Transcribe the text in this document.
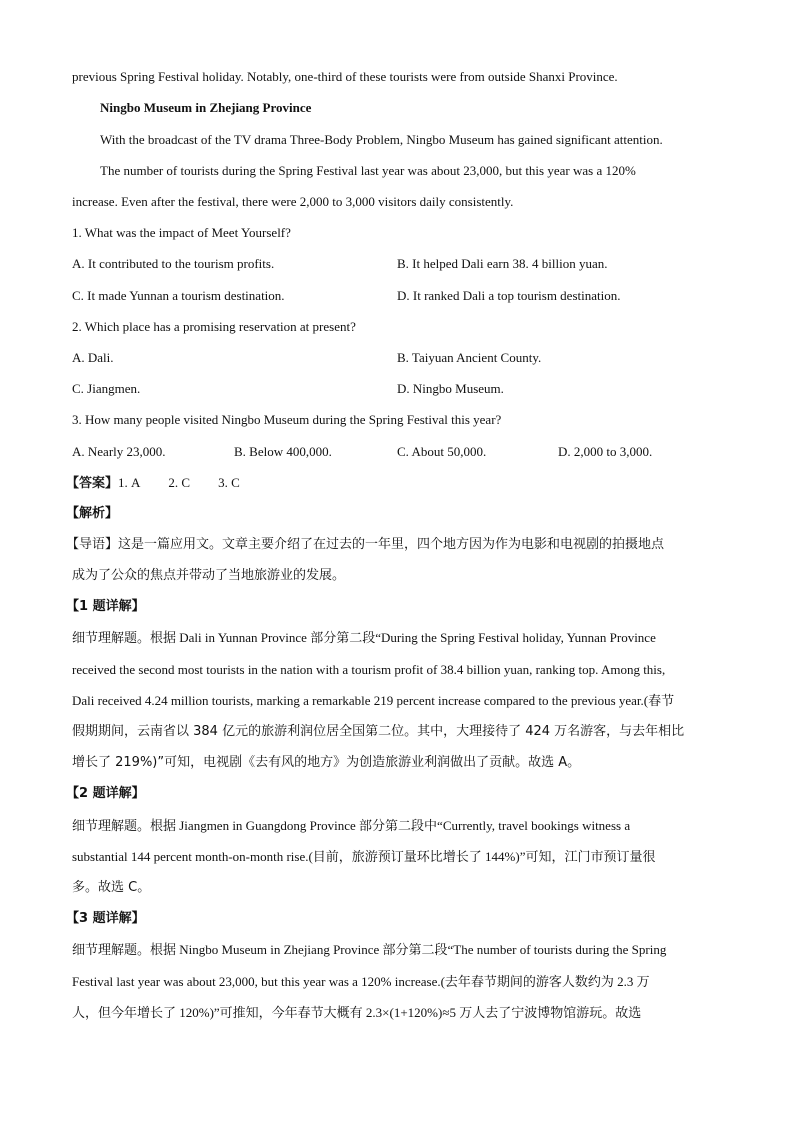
previous Spring Festival holiday. Notably, one-third of these tourists were from outside Shanxi Province.
Ningbo Museum in Zhejiang Province
With the broadcast of the TV drama Three-Body Problem, Ningbo Museum has gained significant attention.
The number of tourists during the Spring Festival last year was about 23,000, but this year was a 120%
increase. Even after the festival, there were 2,000 to 3,000 visitors daily consistently.
1. What was the impact of Meet Yourself?
A. It contributed to the tourism profits.	B. It helped Dali earn 38. 4 billion yuan.
C. It made Yunnan a tourism destination.	D. It ranked Dali a top tourism destination.
2. Which place has a promising reservation at present?
A. Dali.	B. Taiyuan Ancient County.
C. Jiangmen.	D. Ningbo Museum.
3. How many people visited Ningbo Museum during the Spring Festival this year?
A. Nearly 23,000.	B. Below 400,000.	C. About 50,000.	D. 2,000 to 3,000.
【答案】1. A 2. C 3. C
【解析】
【导语】这是一篇应用文。文章主要介绍了在过去的一年里，四个地方因为作为电影和电视剧的拍摄地点
成为了公众的焦点并带动了当地旅游业的发展。
【1 题详解】
细节理解题。根据 Dali in Yunnan Province 部分第二段“During the Spring Festival holiday, Yunnan Province
received the second most tourists in the nation with a tourism profit of 38.4 billion yuan, ranking top. Among this,
Dali received 4.24 million tourists, marking a remarkable 219 percent increase compared to the previous year.(春节
假期期间，云南省以 384 亿元的旅游利润位居全国第二位。其中，大理接待了 424 万名游客，与去年相比
增长了 219%)”可知，电视剧《去有风的地方》为创造旅游业利润做出了贡献。故选 A。
【2 题详解】
细节理解题。根据 Jiangmen in Guangdong Province 部分第二段中“Currently, travel bookings witness a
substantial 144 percent month-on-month rise.(目前，旅游预订量环比增长了 144%)”可知，江门市预订量很
多。故选 C。
【3 题详解】
细节理解题。根据 Ningbo Museum in Zhejiang Province 部分第二段“The number of tourists during the Spring
Festival last year was about 23,000, but this year was a 120% increase.(去年春节期间的游客人数约为 2.3 万
人，但今年增长了 120%)”可推知，今年春节大概有 2.3×(1+120%)≈5 万人去了宁波博物馆游玩。故选
